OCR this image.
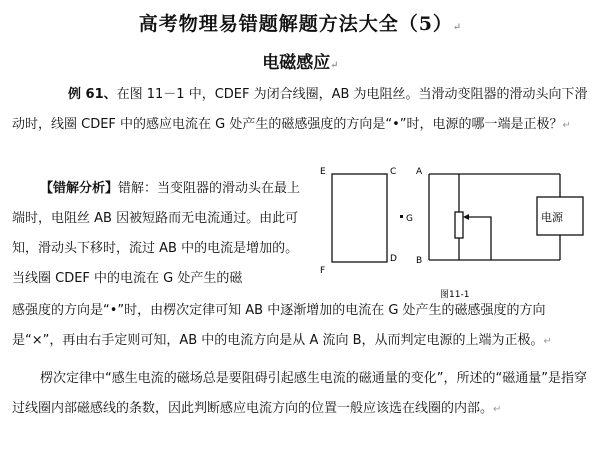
高考物理易错题解题方法大全（5）↵
电磁感应↵

例 61、在图 11－1 中，CDEF 为闭合线圈，AB 为电阻丝。当滑动变阻器的滑动头向下滑动时，线圈 CDEF 中的感应电流在 G 处产生的磁感强度的方向是“•”时，电源的哪一端是正极？↵

【错解分析】错解：当变阻器的滑动头在最上端时，电阻丝 AB 因被短路而无电流通过。由此可知，滑动头下移时，流过 AB 中的电流是增加的。当线圈 CDEF 中的电流在 G 处产生的磁

感强度的方向是“•”时，由楞次定律可知 AB 中逐渐增加的电流在 G 处产生的磁感强度的方向是“×”，再由右手定则可知，AB 中的电流方向是从 A 流向 B，从而判定电源的上端为正极。↵

楞次定律中“感生电流的磁场总是要阻碍引起感生电流的磁通量的变化”，所述的“磁通量”是指穿过线圈内部磁感线的条数，因此判断感应电流方向的位置一般应该选在线圈的内部。↵

E	C
D
F
G
A
B
电源
图11-1
